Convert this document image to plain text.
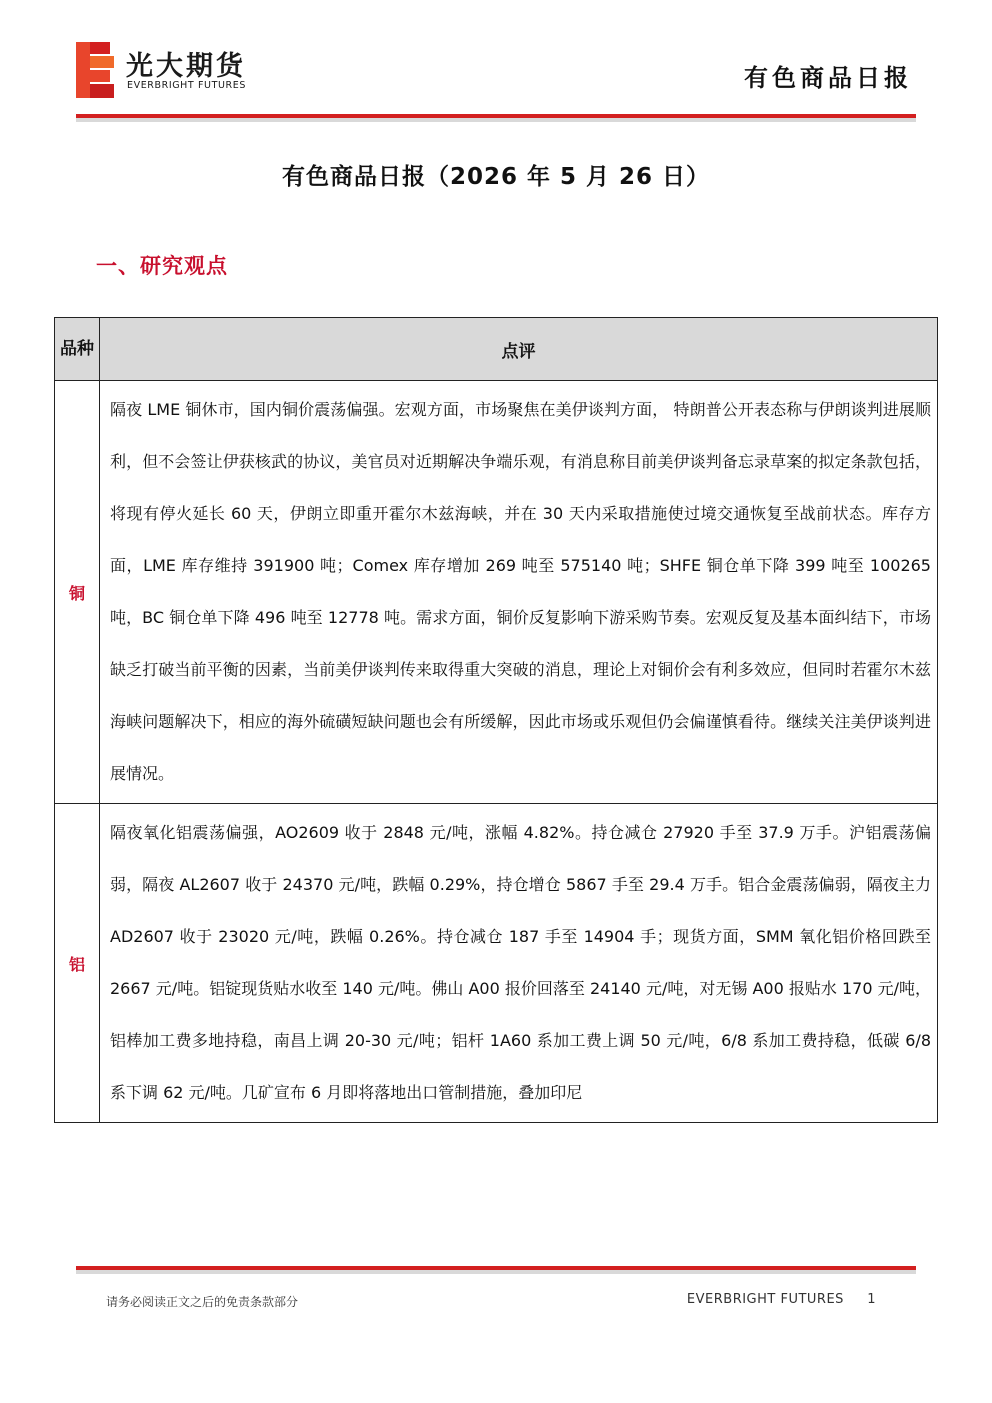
光大期货
EVERBRIGHT FUTURES	有色商品日报
有色商品日报（2026 年 5 月 26 日）
一、研究观点
品种	点评
铜	隔夜 LME 铜休市，国内铜价震荡偏强。宏观方面，市场聚焦在美伊谈判方面， 特朗普公开表态称与伊朗谈判进展顺利，但不会签让伊获核武的协议，美官员对近期解决争端乐观，有消息称目前美伊谈判备忘录草案的拟定条款包括，将现有停火延长 60 天，伊朗立即重开霍尔木兹海峡，并在 30 天内采取措施使过境交通恢复至战前状态。库存方面，LME 库存维持 391900 吨；Comex 库存增加 269 吨至 575140 吨；SHFE 铜仓单下降 399 吨至 100265 吨，BC 铜仓单下降 496 吨至 12778 吨。需求方面，铜价反复影响下游采购节奏。宏观反复及基本面纠结下，市场缺乏打破当前平衡的因素，当前美伊谈判传来取得重大突破的消息，理论上对铜价会有利多效应，但同时若霍尔木兹海峡问题解决下，相应的海外硫磺短缺问题也会有所缓解，因此市场或乐观但仍会偏谨慎看待。继续关注美伊谈判进展情况。
铝	隔夜氧化铝震荡偏强，AO2609 收于 2848 元/吨，涨幅 4.82%。持仓减仓 27920 手至 37.9 万手。沪铝震荡偏弱，隔夜 AL2607 收于 24370 元/吨，跌幅 0.29%，持仓增仓 5867 手至 29.4 万手。铝合金震荡偏弱，隔夜主力 AD2607 收于 23020 元/吨，跌幅 0.26%。持仓减仓 187 手至 14904 手；现货方面，SMM 氧化铝价格回跌至 2667 元/吨。铝锭现货贴水收至 140 元/吨。佛山 A00 报价回落至 24140 元/吨，对无锡 A00 报贴水 170 元/吨，铝棒加工费多地持稳，南昌上调 20-30 元/吨；铝杆 1A60 系加工费上调 50 元/吨，6/8 系加工费持稳，低碳 6/8 系下调 62 元/吨。几矿宣布 6 月即将落地出口管制措施，叠加印尼
请务必阅读正文之后的免责条款部分	EVERBRIGHT FUTURES 1
